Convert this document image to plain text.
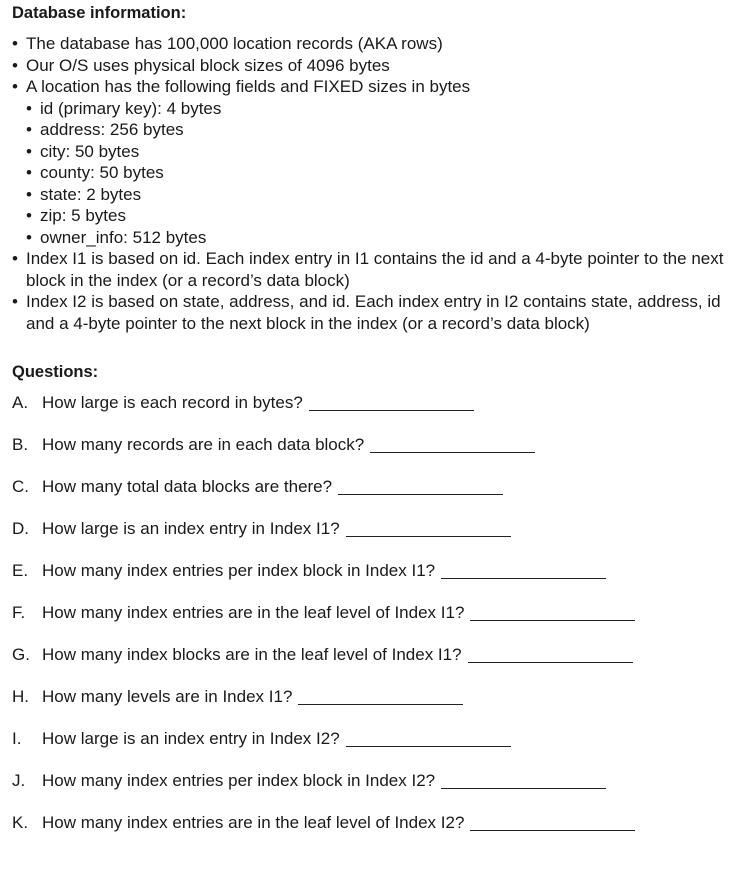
Database information:
• The database has 100,000 location records (AKA rows)
• Our O/S uses physical block sizes of 4096 bytes
• A location has the following fields and FIXED sizes in bytes
• id (primary key): 4 bytes
• address: 256 bytes
• city: 50 bytes
• county: 50 bytes
• state: 2 bytes
• zip: 5 bytes
• owner_info: 512 bytes
• Index I1 is based on id. Each index entry in I1 contains the id and a 4-byte pointer to the next block in the index (or a record’s data block)
• Index I2 is based on state, address, and id. Each index entry in I2 contains state, address, id and a 4-byte pointer to the next block in the index (or a record’s data block)
Questions:
A. How large is each record in bytes?
B. How many records are in each data block?
C. How many total data blocks are there?
D. How large is an index entry in Index I1?
E. How many index entries per index block in Index I1?
F. How many index entries are in the leaf level of Index I1?
G. How many index blocks are in the leaf level of Index I1?
H. How many levels are in Index I1?
I.	How large is an index entry in Index I2?
J. How many index entries per index block in Index I2?
K. How many index entries are in the leaf level of Index I2?
